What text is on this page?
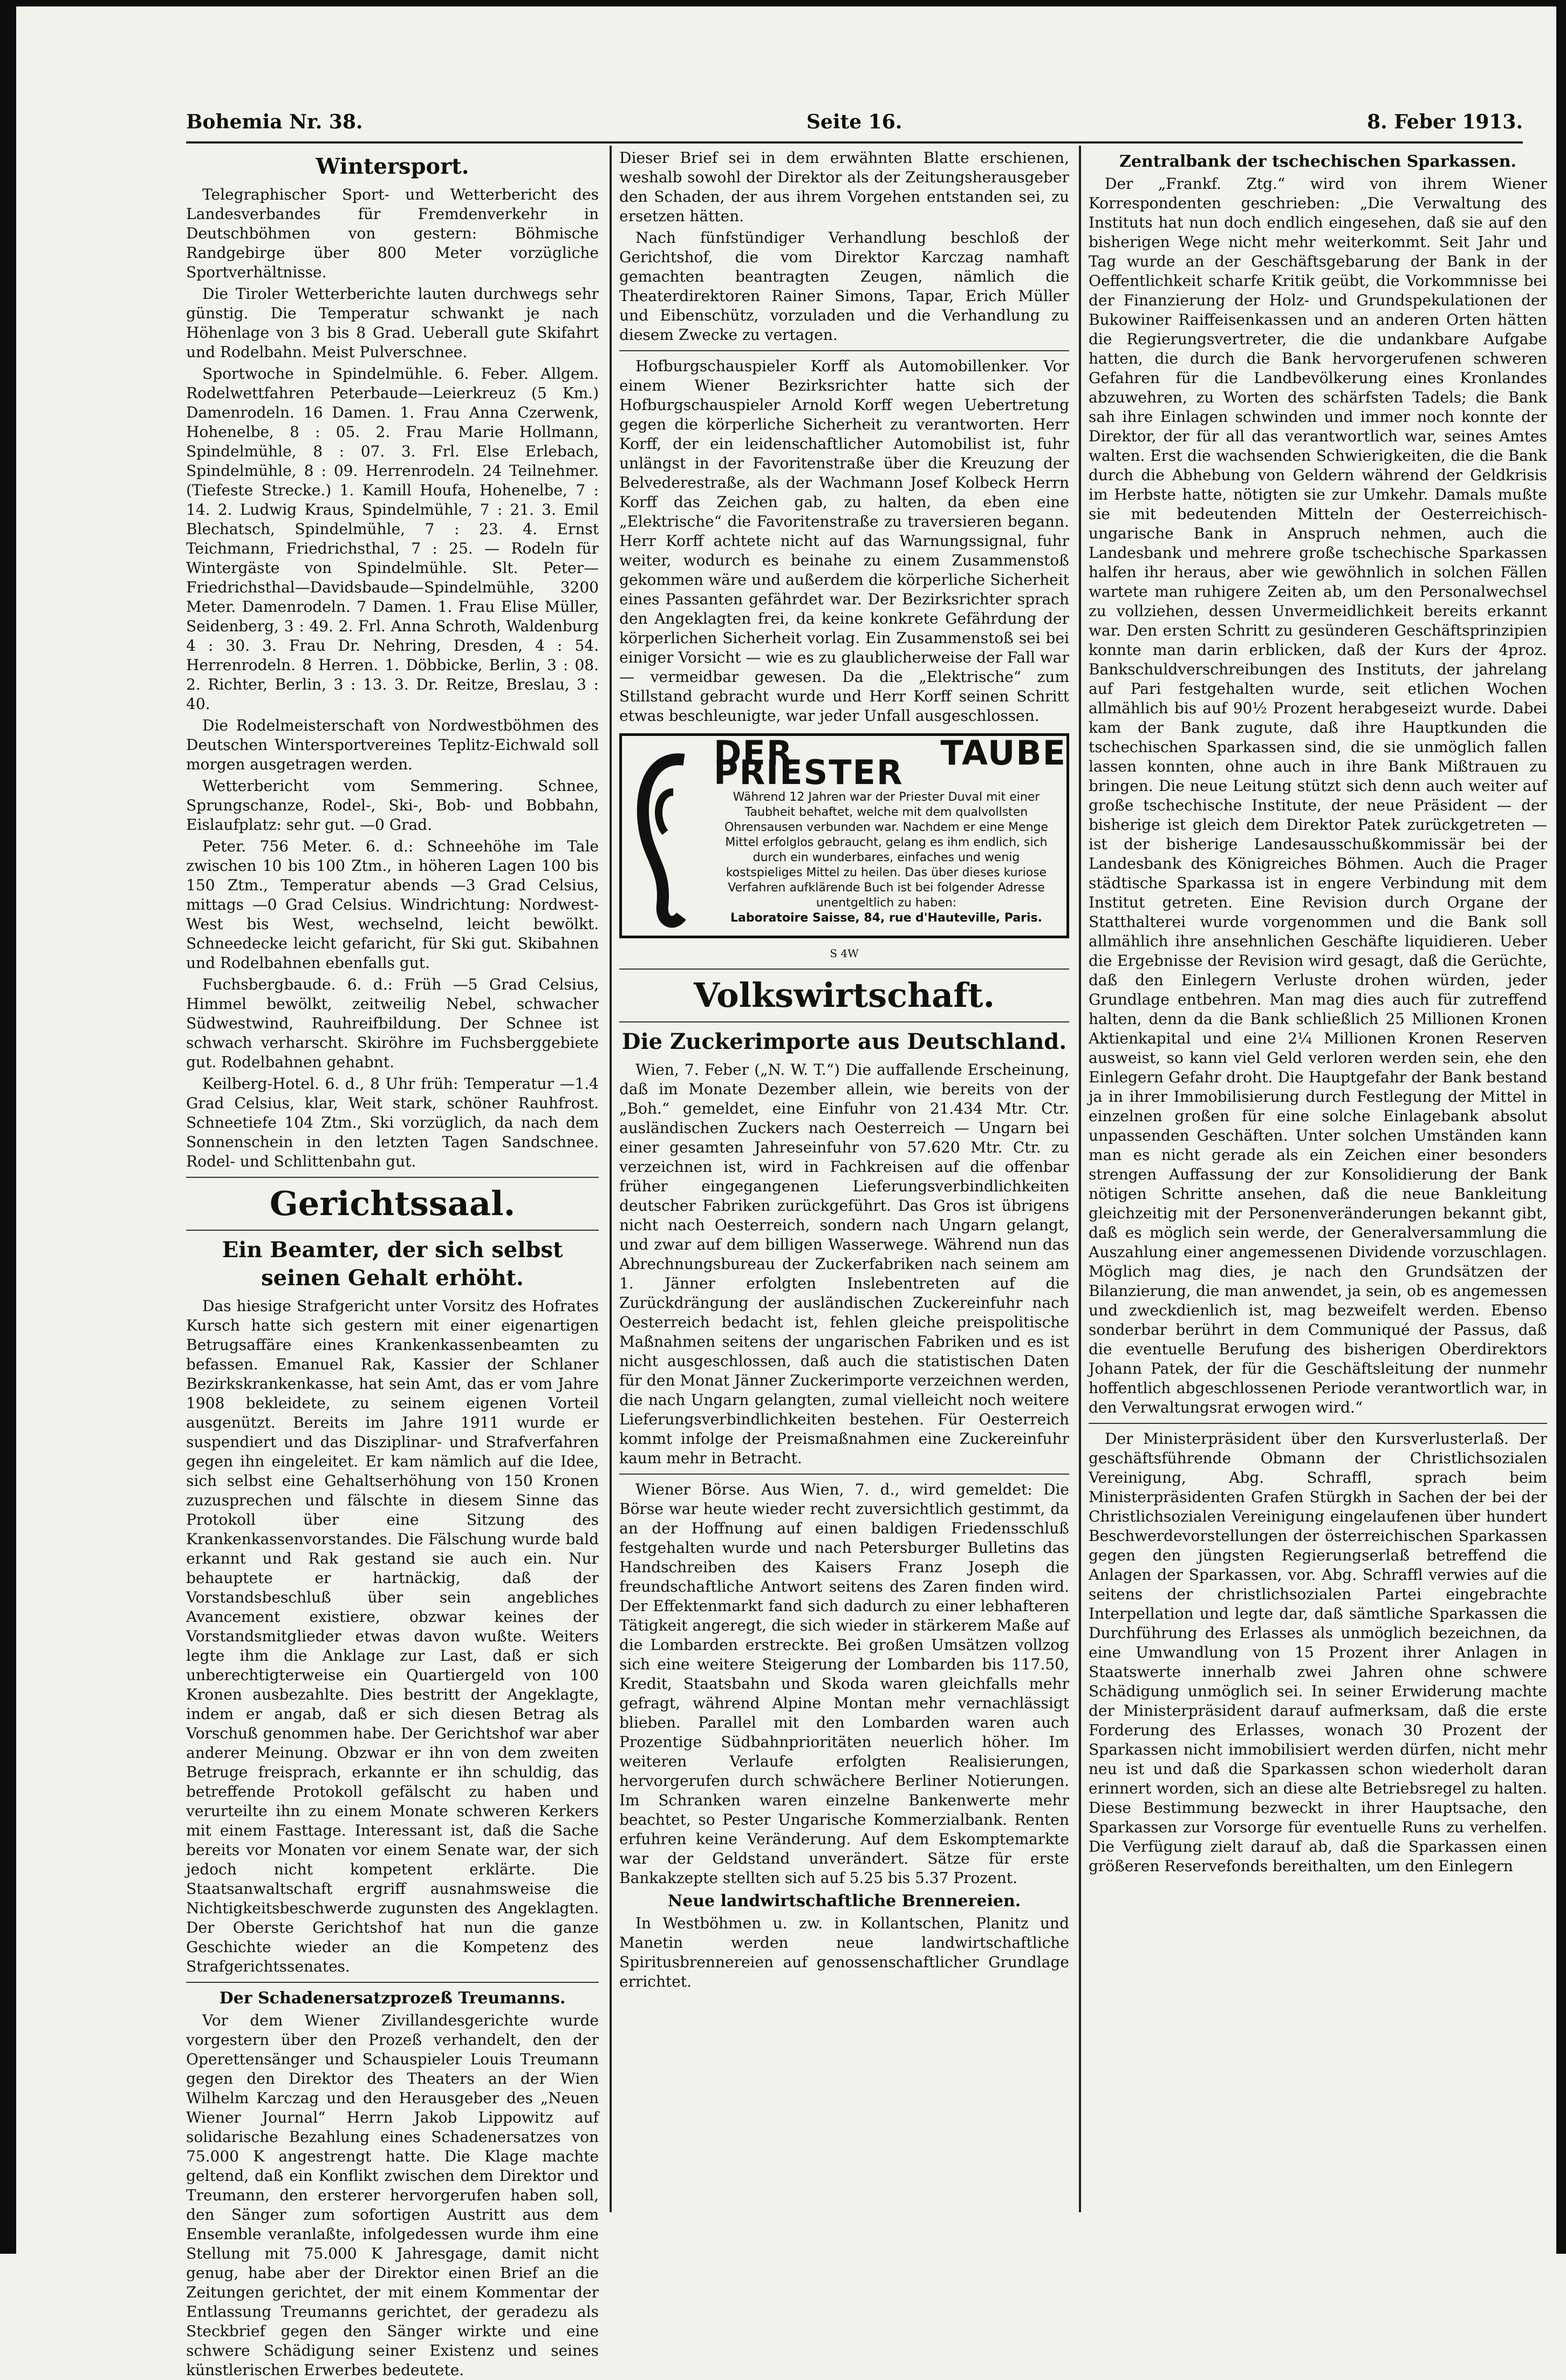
Bohemia Nr. 38.	Seite 16.	8. Feber 1913.
Wintersport.

Telegraphischer Sport- und Wetterbericht des Landesverbandes für Fremdenverkehr in Deutschböhmen von gestern: Böhmische Randgebirge über 800 Meter vorzügliche Sportverhältnisse.

Die Tiroler Wetterberichte lauten durchwegs sehr günstig. Die Temperatur schwankt je nach Höhenlage von 3 bis 8 Grad. Ueberall gute Skifahrt und Rodelbahn. Meist Pulverschnee.

Sportwoche in Spindelmühle. 6. Feber. Allgem. Rodelwettfahren Peterbaude—Leierkreuz (5 Km.) Damenrodeln. 16 Damen. 1. Frau Anna Czerwenk, Hohenelbe, 8 : 05. 2. Frau Marie Hollmann, Spindelmühle, 8 : 07. 3. Frl. Else Erlebach, Spindelmühle, 8 : 09. Herrenrodeln. 24 Teilnehmer. (Tiefeste Strecke.) 1. Kamill Houfa, Hohenelbe, 7 : 14. 2. Ludwig Kraus, Spindelmühle, 7 : 21. 3. Emil Blechatsch, Spindelmühle, 7 : 23. 4. Ernst Teichmann, Friedrichsthal, 7 : 25. — Rodeln für Wintergäste von Spindelmühle. Slt. Peter—Friedrichsthal—Davidsbaude—Spindelmühle, 3200 Meter. Damenrodeln. 7 Damen. 1. Frau Elise Müller, Seidenberg, 3 : 49. 2. Frl. Anna Schroth, Waldenburg 4 : 30. 3. Frau Dr. Nehring, Dresden, 4 : 54. Herrenrodeln. 8 Herren. 1. Döbbicke, Berlin, 3 : 08. 2. Richter, Berlin, 3 : 13. 3. Dr. Reitze, Breslau, 3 : 40.

Die Rodelmeisterschaft von Nordwestböhmen des Deutschen Wintersportvereines Teplitz-Eichwald soll morgen ausgetragen werden.

Wetterbericht vom Semmering. Schnee, Sprungschanze, Rodel-, Ski-, Bob- und Bobbahn, Eislaufplatz: sehr gut. —0 Grad.

Peter. 756 Meter. 6. d.: Schneehöhe im Tale zwischen 10 bis 100 Ztm., in höheren Lagen 100 bis 150 Ztm., Temperatur abends —3 Grad Celsius, mittags —0 Grad Celsius. Windrichtung: Nordwest-West bis West, wechselnd, leicht bewölkt. Schneedecke leicht gefaricht, für Ski gut. Skibahnen und Rodelbahnen ebenfalls gut.

Fuchsbergbaude. 6. d.: Früh —5 Grad Celsius, Himmel bewölkt, zeitweilig Nebel, schwacher Südwestwind, Rauhreifbildung. Der Schnee ist schwach verharscht. Skiröhre im Fuchsberggebiete gut. Rodelbahnen gehabnt.

Keilberg-Hotel. 6. d., 8 Uhr früh: Temperatur —1.4 Grad Celsius, klar, Weit stark, schöner Rauhfrost. Schneetiefe 104 Ztm., Ski vorzüglich, da nach dem Sonnenschein in den letzten Tagen Sandschnee. Rodel- und Schlittenbahn gut.

Gerichtssaal.
Ein Beamter, der sich selbst seinen Gehalt erhöht.

Das hiesige Strafgericht unter Vorsitz des Hofrates Kursch hatte sich gestern mit einer eigenartigen Betrugsaffäre eines Krankenkassenbeamten zu befassen. Emanuel Rak, Kassier der Schlaner Bezirkskrankenkasse, hat sein Amt, das er vom Jahre 1908 bekleidete, zu seinem eigenen Vorteil ausgenützt. Bereits im Jahre 1911 wurde er suspendiert und das Disziplinar- und Strafverfahren gegen ihn eingeleitet. Er kam nämlich auf die Idee, sich selbst eine Gehaltserhöhung von 150 Kronen zuzusprechen und fälschte in diesem Sinne das Protokoll über eine Sitzung des Krankenkassenvorstandes. Die Fälschung wurde bald erkannt und Rak gestand sie auch ein. Nur behauptete er hartnäckig, daß der Vorstandsbeschluß über sein angebliches Avancement existiere, obzwar keines der Vorstandsmitglieder etwas davon wußte. Weiters legte ihm die Anklage zur Last, daß er sich unberechtigterweise ein Quartiergeld von 100 Kronen ausbezahlte. Dies bestritt der Angeklagte, indem er angab, daß er sich diesen Betrag als Vorschuß genommen habe. Der Gerichtshof war aber anderer Meinung. Obzwar er ihn von dem zweiten Betruge freisprach, erkannte er ihn schuldig, das betreffende Protokoll gefälscht zu haben und verurteilte ihn zu einem Monate schweren Kerkers mit einem Fasttage. Interessant ist, daß die Sache bereits vor Monaten vor einem Senate war, der sich jedoch nicht kompetent erklärte. Die Staatsanwaltschaft ergriff ausnahmsweise die Nichtigkeitsbeschwerde zugunsten des Angeklagten. Der Oberste Gerichtshof hat nun die ganze Geschichte wieder an die Kompetenz des Strafgerichtssenates.

Der Schadenersatzprozeß Treumanns.

Vor dem Wiener Zivillandesgerichte wurde vorgestern über den Prozeß verhandelt, den der Operettensänger und Schauspieler Louis Treumann gegen den Direktor des Theaters an der Wien Wilhelm Karczag und den Herausgeber des „Neuen Wiener Journal“ Herrn Jakob Lippowitz auf solidarische Bezahlung eines Schadenersatzes von 75.000 K angestrengt hatte. Die Klage machte geltend, daß ein Konflikt zwischen dem Direktor und Treumann, den ersterer hervorgerufen haben soll, den Sänger zum sofortigen Austritt aus dem Ensemble veranlaßte, infolgedessen wurde ihm eine Stellung mit 75.000 K Jahresgage, damit nicht genug, habe aber der Direktor einen Brief an die Zeitungen gerichtet, der mit einem Kommentar der Entlassung Treumanns gerichtet, der geradezu als Steckbrief gegen den Sänger wirkte und eine schwere Schädigung seiner Existenz und seines künstlerischen Erwerbes bedeutete.

Dieser Brief sei in dem erwähnten Blatte erschienen, weshalb sowohl der Direktor als der Zeitungsherausgeber den Schaden, der aus ihrem Vorgehen entstanden sei, zu ersetzen hätten.

Nach fünfstündiger Verhandlung beschloß der Gerichtshof, die vom Direktor Karczag namhaft gemachten beantragten Zeugen, nämlich die Theaterdirektoren Rainer Simons, Tapar, Erich Müller und Eibenschütz, vorzuladen und die Verhandlung zu diesem Zwecke zu vertagen.

Hofburgschauspieler Korff als Automobillenker. Vor einem Wiener Bezirksrichter hatte sich der Hofburgschauspieler Arnold Korff wegen Uebertretung gegen die körperliche Sicherheit zu verantworten. Herr Korff, der ein leidenschaftlicher Automobilist ist, fuhr unlängst in der Favoritenstraße über die Kreuzung der Belvederestraße, als der Wachmann Josef Kolbeck Herrn Korff das Zeichen gab, zu halten, da eben eine „Elektrische“ die Favoritenstraße zu traversieren begann. Herr Korff achtete nicht auf das Warnungssignal, fuhr weiter, wodurch es beinahe zu einem Zusammenstoß gekommen wäre und außerdem die körperliche Sicherheit eines Passanten gefährdet war. Der Bezirksrichter sprach den Angeklagten frei, da keine konkrete Gefährdung der körperlichen Sicherheit vorlag. Ein Zusammenstoß sei bei einiger Vorsicht — wie es zu glaublicherweise der Fall war — vermeidbar gewesen. Da die „Elektrische“ zum Stillstand gebracht wurde und Herr Korff seinen Schritt etwas beschleunigte, war jeder Unfall ausgeschlossen.

DER TAUBE PRIESTER
Während 12 Jahren war der Priester Duval mit einer Taubheit behaftet, welche mit dem qualvollsten Ohrensausen verbunden war. Nachdem er eine Menge Mittel erfolglos gebraucht, gelang es ihm endlich, sich durch ein wunderbares, einfaches und wenig kostspieliges Mittel zu heilen. Das über dieses kuriose Verfahren aufklärende Buch ist bei folgender Adresse unentgeltlich zu haben:
Laboratoire Saisse, 84, rue d'Hauteville, Paris.
S 4W
Volkswirtschaft.
Die Zuckerimporte aus Deutschland.

Wien, 7. Feber („N. W. T.“) Die auffallende Erscheinung, daß im Monate Dezember allein, wie bereits von der „Boh.“ gemeldet, eine Einfuhr von 21.434 Mtr. Ctr. ausländischen Zuckers nach Oesterreich — Ungarn bei einer gesamten Jahreseinfuhr von 57.620 Mtr. Ctr. zu verzeichnen ist, wird in Fachkreisen auf die offenbar früher eingegangenen Lieferungsverbindlichkeiten deutscher Fabriken zurückgeführt. Das Gros ist übrigens nicht nach Oesterreich, sondern nach Ungarn gelangt, und zwar auf dem billigen Wasserwege. Während nun das Abrechnungsbureau der Zuckerfabriken nach seinem am 1. Jänner erfolgten Inslebentreten auf die Zurückdrängung der ausländischen Zuckereinfuhr nach Oesterreich bedacht ist, fehlen gleiche preispolitische Maßnahmen seitens der ungarischen Fabriken und es ist nicht ausgeschlossen, daß auch die statistischen Daten für den Monat Jänner Zuckerimporte verzeichnen werden, die nach Ungarn gelangten, zumal vielleicht noch weitere Lieferungsverbindlichkeiten bestehen. Für Oesterreich kommt infolge der Preismaßnahmen eine Zuckereinfuhr kaum mehr in Betracht.

Wiener Börse. Aus Wien, 7. d., wird gemeldet: Die Börse war heute wieder recht zuversichtlich gestimmt, da an der Hoffnung auf einen baldigen Friedensschluß festgehalten wurde und nach Petersburger Bulletins das Handschreiben des Kaisers Franz Joseph die freundschaftliche Antwort seitens des Zaren finden wird. Der Effektenmarkt fand sich dadurch zu einer lebhafteren Tätigkeit angeregt, die sich wieder in stärkerem Maße auf die Lombarden erstreckte. Bei großen Umsätzen vollzog sich eine weitere Steigerung der Lombarden bis 117.50, Kredit, Staatsbahn und Skoda waren gleichfalls mehr gefragt, während Alpine Montan mehr vernachlässigt blieben. Parallel mit den Lombarden waren auch Prozentige Südbahnprioritäten neuerlich höher. Im weiteren Verlaufe erfolgten Realisierungen, hervorgerufen durch schwächere Berliner Notierungen. Im Schranken waren einzelne Bankenwerte mehr beachtet, so Pester Ungarische Kommerzialbank. Renten erfuhren keine Veränderung. Auf dem Eskomptemarkte war der Geldstand unverändert. Sätze für erste Bankakzepte stellten sich auf 5.25 bis 5.37 Prozent.

Neue landwirtschaftliche Brennereien.

In Westböhmen u. zw. in Kollantschen, Planitz und Manetin werden neue landwirtschaftliche Spiritusbrennereien auf genossenschaftlicher Grundlage errichtet.

Zentralbank der tschechischen Sparkassen.

Der „Frankf. Ztg.“ wird von ihrem Wiener Korrespondenten geschrieben: „Die Verwaltung des Instituts hat nun doch endlich eingesehen, daß sie auf den bisherigen Wege nicht mehr weiterkommt. Seit Jahr und Tag wurde an der Geschäftsgebarung der Bank in der Oeffentlichkeit scharfe Kritik geübt, die Vorkommnisse bei der Finanzierung der Holz- und Grundspekulationen der Bukowiner Raiffeisenkassen und an anderen Orten hätten die Regierungsvertreter, die die undankbare Aufgabe hatten, die durch die Bank hervorgerufenen schweren Gefahren für die Landbevölkerung eines Kronlandes abzuwehren, zu Worten des schärfsten Tadels; die Bank sah ihre Einlagen schwinden und immer noch konnte der Direktor, der für all das verantwortlich war, seines Amtes walten. Erst die wachsenden Schwierigkeiten, die die Bank durch die Abhebung von Geldern während der Geldkrisis im Herbste hatte, nötigten sie zur Umkehr. Damals mußte sie mit bedeutenden Mitteln der Oesterreichisch-ungarische Bank in Anspruch nehmen, auch die Landesbank und mehrere große tschechische Sparkassen halfen ihr heraus, aber wie gewöhnlich in solchen Fällen wartete man ruhigere Zeiten ab, um den Personalwechsel zu vollziehen, dessen Unvermeidlichkeit bereits erkannt war. Den ersten Schritt zu gesünderen Geschäftsprinzipien konnte man darin erblicken, daß der Kurs der 4proz. Bankschuldverschreibungen des Instituts, der jahrelang auf Pari festgehalten wurde, seit etlichen Wochen allmählich bis auf 90½ Prozent herabgeseizt wurde. Dabei kam der Bank zugute, daß ihre Hauptkunden die tschechischen Sparkassen sind, die sie unmöglich fallen lassen konnten, ohne auch in ihre Bank Mißtrauen zu bringen. Die neue Leitung stützt sich denn auch weiter auf große tschechische Institute, der neue Präsident — der bisherige ist gleich dem Direktor Patek zurückgetreten — ist der bisherige Landesausschußkommissär bei der Landesbank des Königreiches Böhmen. Auch die Prager städtische Sparkassa ist in engere Verbindung mit dem Institut getreten. Eine Revision durch Organe der Statthalterei wurde vorgenommen und die Bank soll allmählich ihre ansehnlichen Geschäfte liquidieren. Ueber die Ergebnisse der Revision wird gesagt, daß die Gerüchte, daß den Einlegern Verluste drohen würden, jeder Grundlage entbehren. Man mag dies auch für zutreffend halten, denn da die Bank schließlich 25 Millionen Kronen Aktienkapital und eine 2¼ Millionen Kronen Reserven ausweist, so kann viel Geld verloren werden sein, ehe den Einlegern Gefahr droht. Die Hauptgefahr der Bank bestand ja in ihrer Immobilisierung durch Festlegung der Mittel in einzelnen großen für eine solche Einlagebank absolut unpassenden Geschäften. Unter solchen Umständen kann man es nicht gerade als ein Zeichen einer besonders strengen Auffassung der zur Konsolidierung der Bank nötigen Schritte ansehen, daß die neue Bankleitung gleichzeitig mit der Personenveränderungen bekannt gibt, daß es möglich sein werde, der Generalversammlung die Auszahlung einer angemessenen Dividende vorzuschlagen. Möglich mag dies, je nach den Grundsätzen der Bilanzierung, die man anwendet, ja sein, ob es angemessen und zweckdienlich ist, mag bezweifelt werden. Ebenso sonderbar berührt in dem Communiqué der Passus, daß die eventuelle Berufung des bisherigen Oberdirektors Johann Patek, der für die Geschäftsleitung der nunmehr hoffentlich abgeschlossenen Periode verantwortlich war, in den Verwaltungsrat erwogen wird.“

Der Ministerpräsident über den Kursverlusterlaß. Der geschäftsführende Obmann der Christlichsozialen Vereinigung, Abg. Schraffl, sprach beim Ministerpräsidenten Grafen Stürgkh in Sachen der bei der Christlichsozialen Vereinigung eingelaufenen über hundert Beschwerdevorstellungen der österreichischen Sparkassen gegen den jüngsten Regierungserlaß betreffend die Anlagen der Sparkassen, vor. Abg. Schraffl verwies auf die seitens der christlichsozialen Partei eingebrachte Interpellation und legte dar, daß sämtliche Sparkassen die Durchführung des Erlasses als unmöglich bezeichnen, da eine Umwandlung von 15 Prozent ihrer Anlagen in Staatswerte innerhalb zwei Jahren ohne schwere Schädigung unmöglich sei. In seiner Erwiderung machte der Ministerpräsident darauf aufmerksam, daß die erste Forderung des Erlasses, wonach 30 Prozent der Sparkassen nicht immobilisiert werden dürfen, nicht mehr neu ist und daß die Sparkassen schon wiederholt daran erinnert worden, sich an diese alte Betriebsregel zu halten. Diese Bestimmung bezweckt in ihrer Hauptsache, den Sparkassen zur Vorsorge für eventuelle Runs zu verhelfen. Die Verfügung zielt darauf ab, daß die Sparkassen einen größeren Reservefonds bereithalten, um den Einlegern
